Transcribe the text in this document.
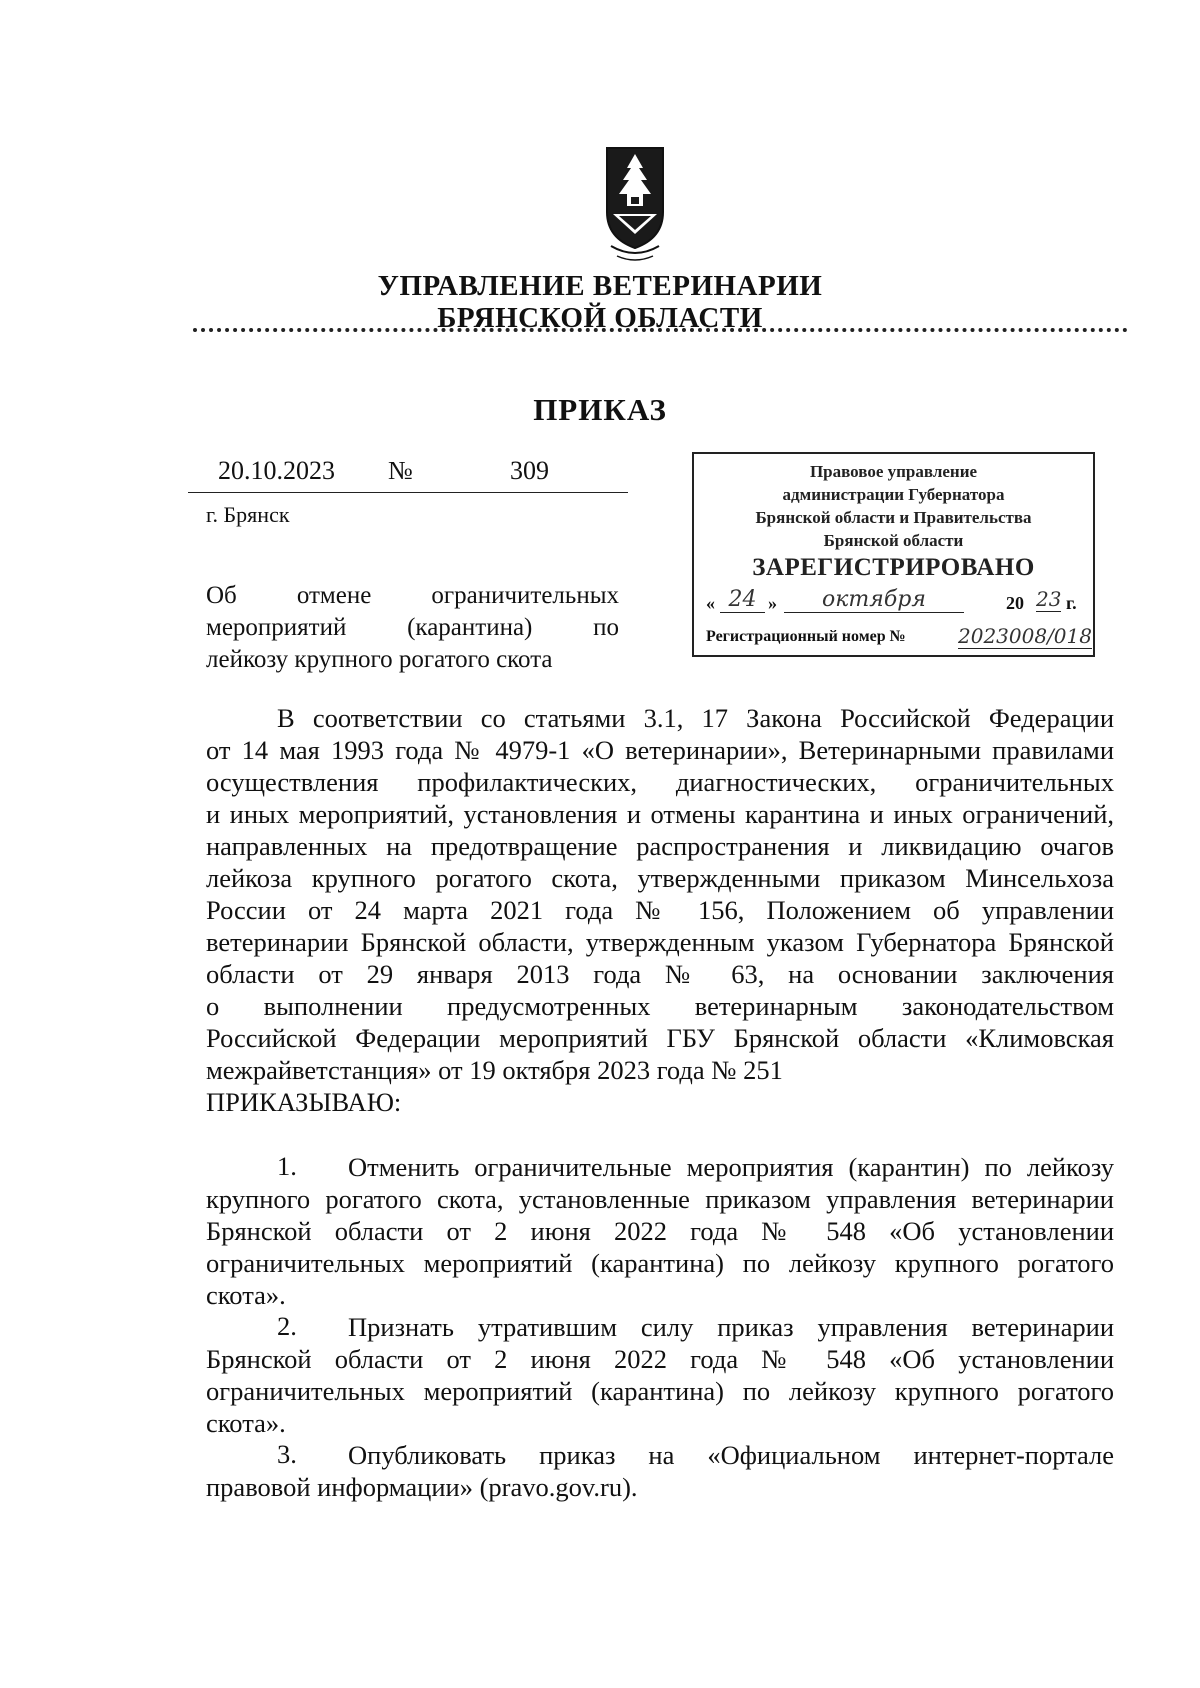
УПРАВЛЕНИЕ ВЕТЕРИНАРИИ
БРЯНСКОЙ ОБЛАСТИ
ПРИКАЗ
20.10.2023 №	309
г. Брянск
Об отмене ограничительных
мероприятий (карантина) по
лейкозу крупного рогатого скота
Правовое управление
администрации Губернатора
Брянской области и Правительства
Брянской области
ЗАРЕГИСТРИРОВАНО
« 24 »	октября	20 23 г.
Регистрационный номер №	2023008/018
В соответствии со статьями 3.1, 17 Закона Российской Федерации
от 14 мая 1993 года № 4979-1 «О ветеринарии», Ветеринарными правилами
осуществления профилактических, диагностических, ограничительных
и иных мероприятий, установления и отмены карантина и иных ограничений,
направленных на предотвращение распространения и ликвидацию очагов
лейкоза крупного рогатого скота, утвержденными приказом Минсельхоза
России от 24 марта 2021 года № 156, Положением об управлении
ветеринарии Брянской области, утвержденным указом Губернатора Брянской
области от 29 января 2013 года № 63, на основании заключения
о выполнении предусмотренных ветеринарным законодательством
Российской Федерации мероприятий ГБУ Брянской области «Климовская
межрайветстанция» от 19 октября 2023 года № 251
ПРИКАЗЫВАЮ:
1. Отменить ограничительные мероприятия (карантин) по лейкозу
крупного рогатого скота, установленные приказом управления ветеринарии
Брянской области от 2 июня 2022 года № 548 «Об установлении
ограничительных мероприятий (карантина) по лейкозу крупного рогатого
скота».
2. Признать утратившим силу приказ управления ветеринарии
Брянской области от 2 июня 2022 года № 548 «Об установлении
ограничительных мероприятий (карантина) по лейкозу крупного рогатого
скота».
3. Опубликовать приказ на «Официальном интернет-портале
правовой информации» (pravo.gov.ru).
